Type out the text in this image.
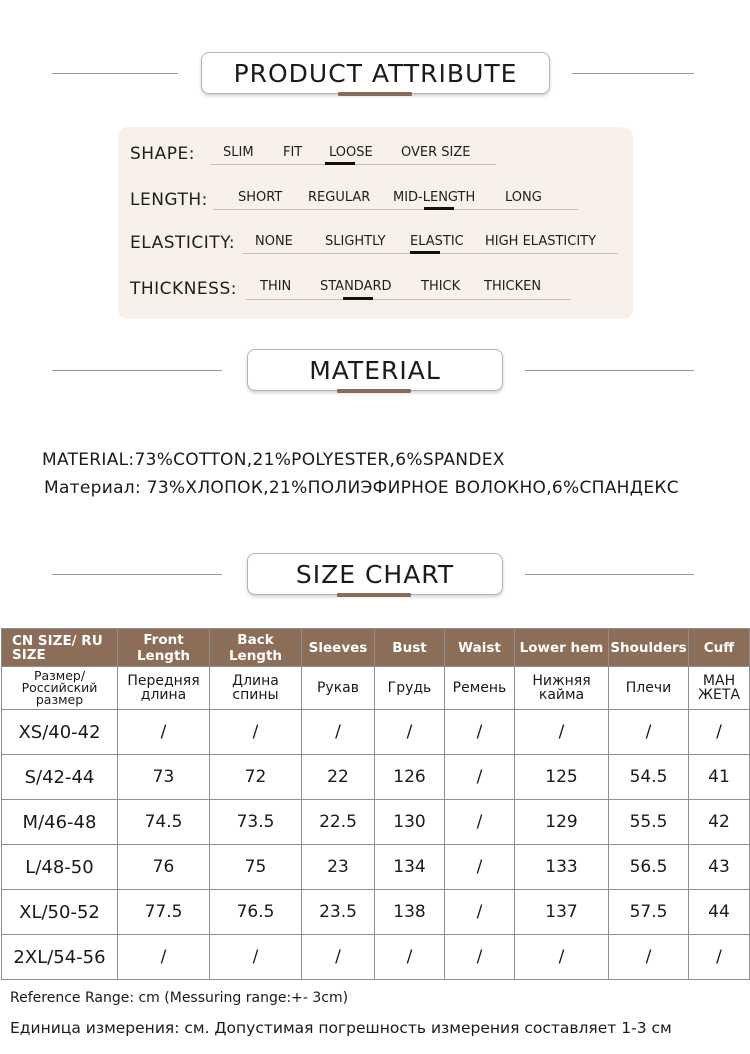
PRODUCT ATTRIBUTE
SHAPE: SLIM FIT LOOSE OVER SIZE
LENGTH: SHORT REGULAR MID-LENGTH LONG
ELASTICITY: NONE SLIGHTLY ELASTIC HIGH ELASTICITY
THICKNESS: THIN STANDARD THICK THICKEN
MATERIAL
MATERIAL:73%COTTON,21%POLYESTER,6%SPANDEX
Материал: 73%ХЛОПОК,21%ПОЛИЭФИРНОЕ ВОЛОКНО,6%СПАНДЕКС
SIZE CHART
CN SIZE/ RU SIZE	Front Length	Back Length	Sleeves	Bust	Waist	Lower hem	Shoulders	Cuff
Размер/ Российский размер	Передняя длина	Длина спины	Рукав	Грудь	Ремень	Нижняя кайма	Плечи	МАН ЖЕТА
XS/40-42	/	/	/	/	/	/	/	/
S/42-44	73	72	22	126	/	125	54.5	41
M/46-48	74.5	73.5	22.5	130	/	129	55.5	42
L/48-50	76	75	23	134	/	133	56.5	43
XL/50-52	77.5	76.5	23.5	138	/	137	57.5	44
2XL/54-56	/	/	/	/	/	/	/	/
Reference Range: cm (Messuring range:+- 3cm)
Единица измерения: см. Допустимая погрешность измерения составляет 1-3 см
